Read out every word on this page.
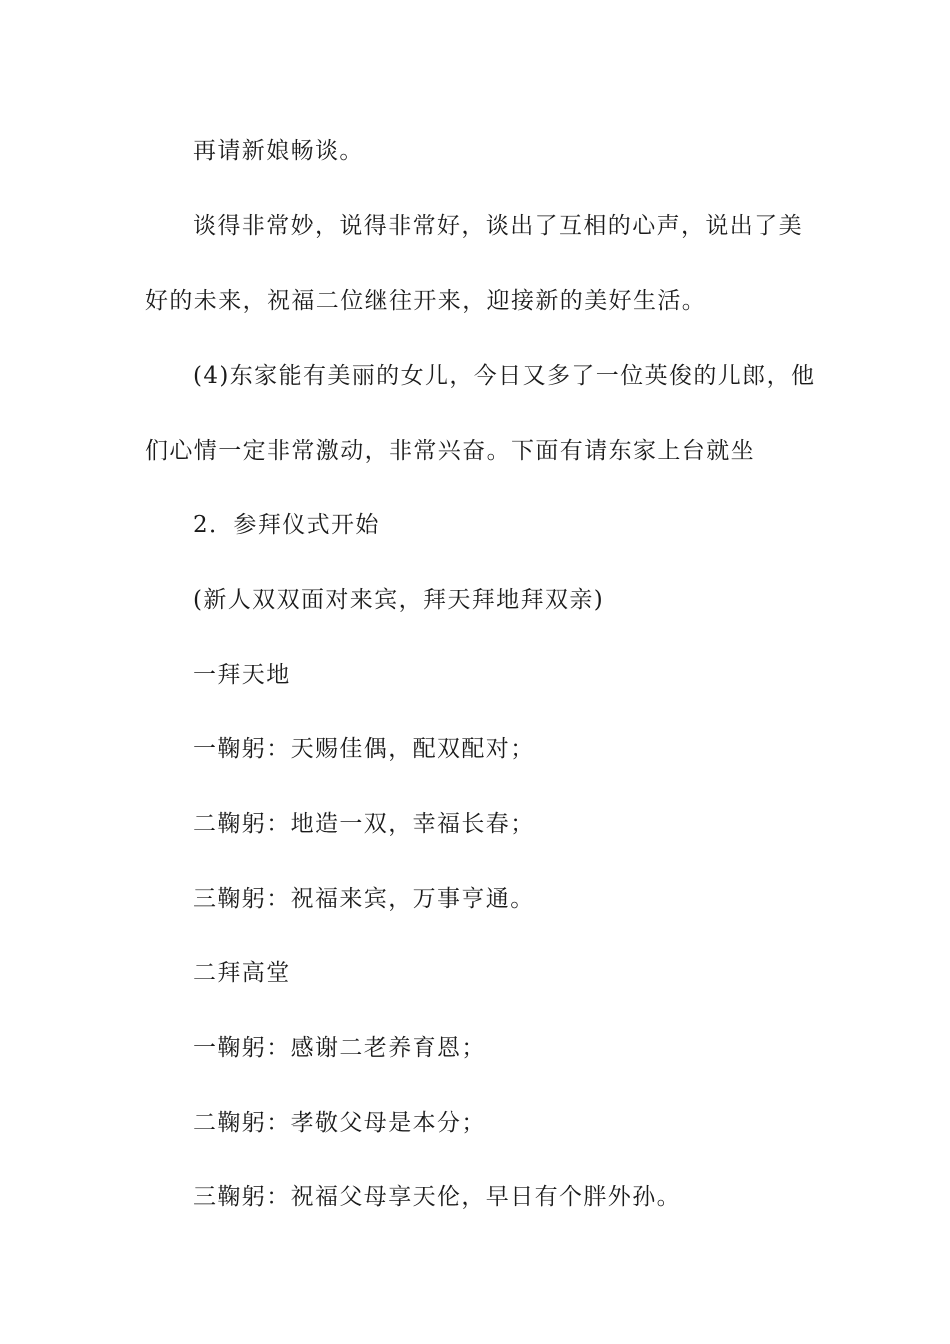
再请新娘畅谈。
谈得非常妙，说得非常好，谈出了互相的心声，说出了美
好的未来，祝福二位继往开来，迎接新的美好生活。
(4)东家能有美丽的女儿，今日又多了一位英俊的儿郎，他
们心情一定非常激动，非常兴奋。下面有请东家上台就坐
2．参拜仪式开始
(新人双双面对来宾，拜天拜地拜双亲)
一拜天地
一鞠躬：天赐佳偶，配双配对；
二鞠躬：地造一双，幸福长春；
三鞠躬：祝福来宾，万事亨通。
二拜高堂
一鞠躬：感谢二老养育恩；
二鞠躬：孝敬父母是本分；
三鞠躬：祝福父母享天伦，早日有个胖外孙。
